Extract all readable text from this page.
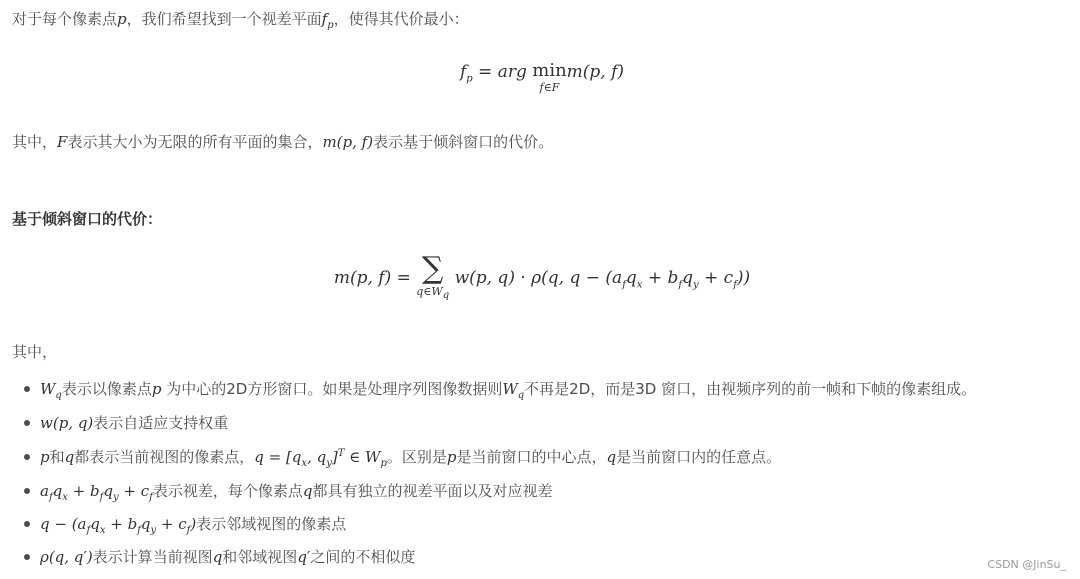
对于每个像素点p，我们希望找到一个视差平面$f_p$，使得其代价最小：
$f_p$ = arg min
f∈F
m(p, f)
其中，F表示其大小为无限的所有平面的集合，m(p, f)表示基于倾斜窗口的代价。
基于倾斜窗口的代价：
m(p, f) = ∑
$q\in W_q$
w(p, q) · ρ(q, $q - (a_fq_x + b_fq_y + c_f)$)
其中，
$W_q$表示以像素点p 为中心的2D方形窗口。如果是处理序列图像数据则$W_q$不再是2D，而是3D 窗口，由视频序列的前一帧和下帧的像素组成。
w(p, q)表示自适应支持权重
p和q都表示当前视图的像素点，$q = [q_x$, $q_y]^T$ ∈ $W_p$。区别是p是当前窗口的中心点，q是当前窗口内的任意点。
$a_fq_x + b_fq_y + c_f$表示视差，每个像素点q都具有独立的视差平面以及对应视差
$q - (a_fq_x + b_fq_y + c_f)$表示邻域视图的像素点
ρ(q, q′)表示计算当前视图q和邻域视图q′之间的不相似度	CSDN @JinSu_
